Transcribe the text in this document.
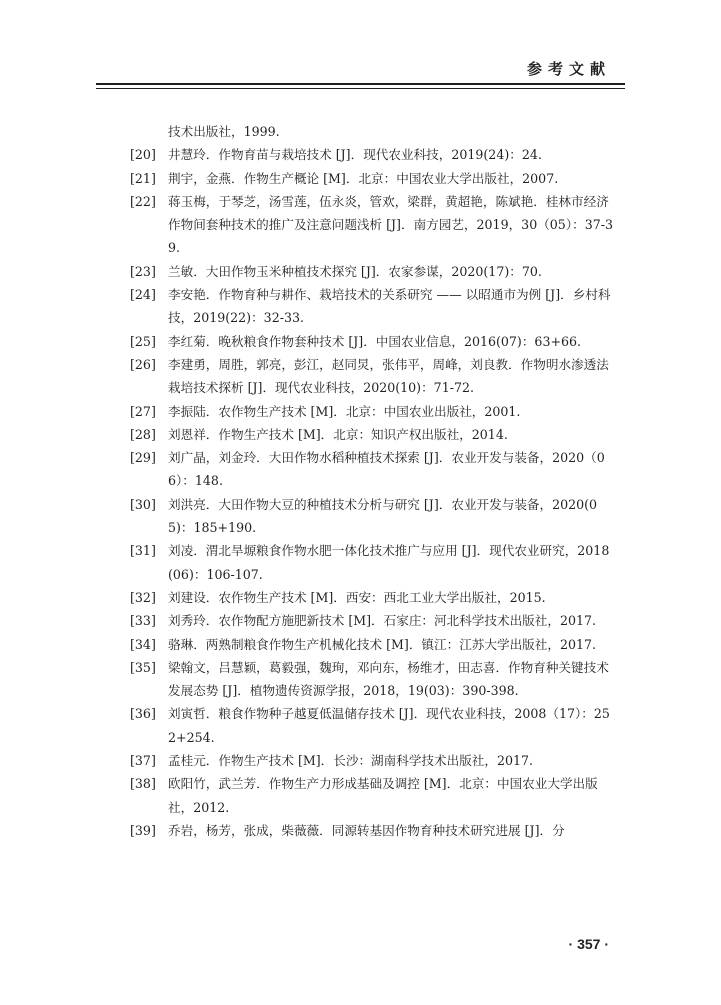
参考文献
技术出版社，1999.
[20] 井慧玲．作物育苗与栽培技术 [J]．现代农业科技，2019(24)：24.
[21] 荆宇，金燕．作物生产概论 [M]．北京：中国农业大学出版社，2007.
[22] 蒋玉梅，于琴芝，汤雪莲，伍永炎，管欢，梁群，黄超艳，陈斌艳．桂林市经济作物间套种技术的推广及注意问题浅析 [J]．南方园艺，2019，30（05）：37-39.
[23] 兰敏．大田作物玉米种植技术探究 [J]．农家参谋，2020(17)：70.
[24] 李安艳．作物育种与耕作、栽培技术的关系研究 —— 以昭通市为例 [J]．乡村科技，2019(22)：32-33.
[25] 李红菊．晚秋粮食作物套种技术 [J]．中国农业信息，2016(07)：63+66.
[26] 李建勇，周胜，郭亮，彭江，赵同炅，张伟平，周峰，刘良教．作物明水渗透法栽培技术探析 [J]．现代农业科技，2020(10)：71-72.
[27] 李振陆．农作物生产技术 [M]．北京：中国农业出版社，2001.
[28] 刘恩祥．作物生产技术 [M]．北京：知识产权出版社，2014.
[29] 刘广晶，刘金玲．大田作物水稻种植技术探索 [J]．农业开发与装备，2020（06）：148.
[30] 刘洪亮．大田作物大豆的种植技术分析与研究 [J]．农业开发与装备，2020(05)：185+190.
[31] 刘凌．渭北旱塬粮食作物水肥一体化技术推广与应用 [J]．现代农业研究，2018(06)：106-107.
[32] 刘建设．农作物生产技术 [M]．西安：西北工业大学出版社，2015.
[33] 刘秀玲．农作物配方施肥新技术 [M]．石家庄：河北科学技术出版社，2017.
[34] 骆琳．两熟制粮食作物生产机械化技术 [M]．镇江：江苏大学出版社，2017.
[35] 梁翰文，吕慧颖，葛毅强，魏珣，邓向东，杨维才，田志喜．作物育种关键技术发展态势 [J]．植物遗传资源学报，2018，19(03)：390-398.
[36] 刘寅哲．粮食作物种子越夏低温储存技术 [J]．现代农业科技，2008（17）：252+254.
[37] 孟桂元．作物生产技术 [M]．长沙：湖南科学技术出版社，2017.
[38] 欧阳竹，武兰芳．作物生产力形成基础及调控 [M]．北京：中国农业大学出版社，2012.
[39] 乔岩，杨芳，张成，柴薇薇．同源转基因作物育种技术研究进展 [J]．分
· 357 ·
